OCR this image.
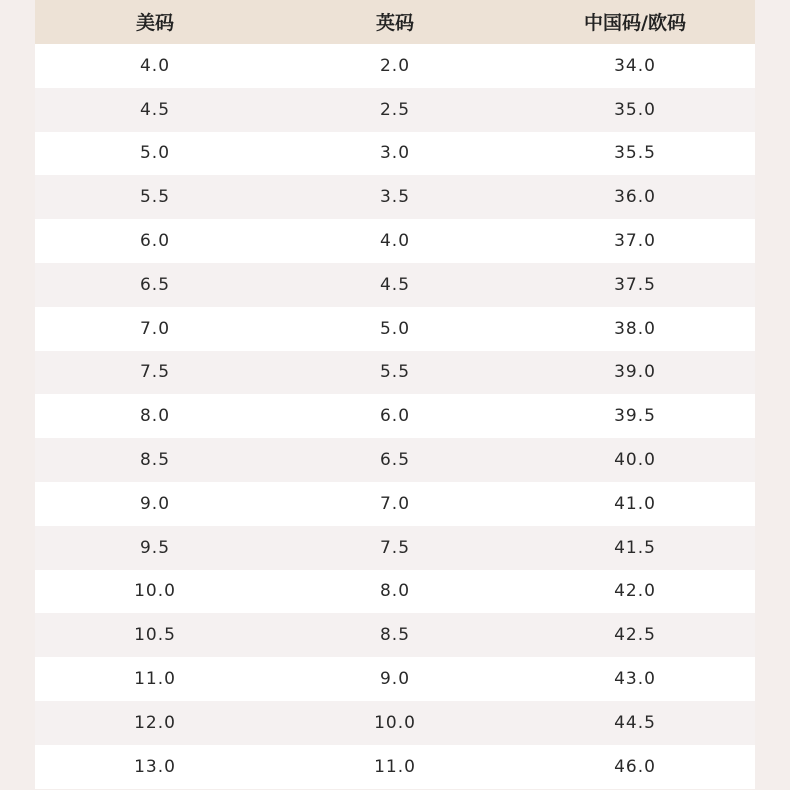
美码	英码	中国码/欧码
4.0	2.0	34.0
4.5	2.5	35.0
5.0	3.0	35.5
5.5	3.5	36.0
6.0	4.0	37.0
6.5	4.5	37.5
7.0	5.0	38.0
7.5	5.5	39.0
8.0	6.0	39.5
8.5	6.5	40.0
9.0	7.0	41.0
9.5	7.5	41.5
10.0	8.0	42.0
10.5	8.5	42.5
11.0	9.0	43.0
12.0	10.0	44.5
13.0	11.0	46.0
